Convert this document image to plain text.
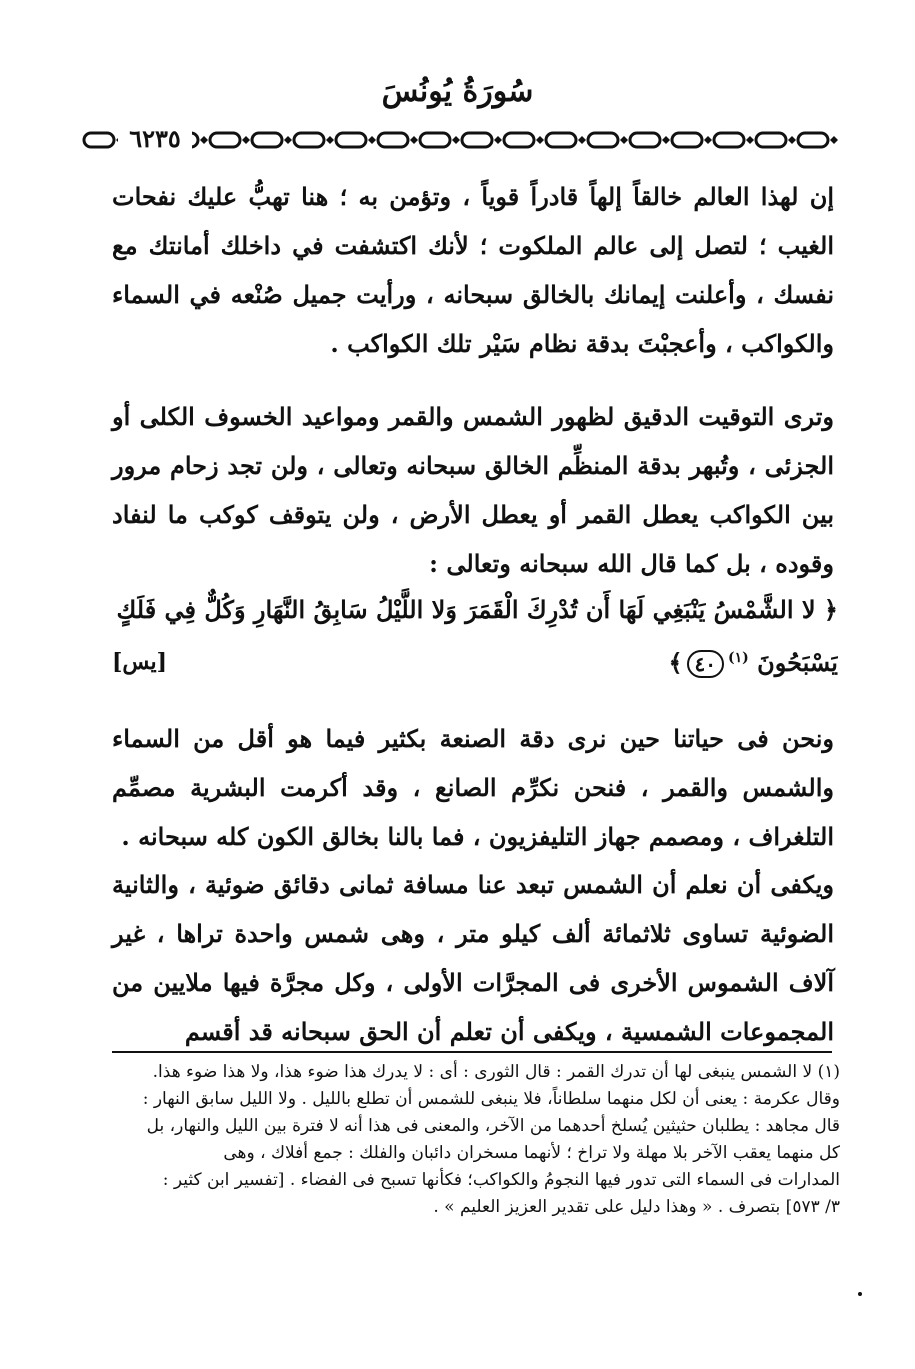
سُورَةُ يُونُسَ
٦٢٣٥
إن لهذا العالم خالقاً إلهاً قادراً قوياً ، وتؤمن به ؛ هنا تهبُّ عليك نفحات الغيب ؛ لتصل إلى عالم الملكوت ؛ لأنك اكتشفت في داخلك أمانتك مع نفسك ، وأعلنت إيمانك بالخالق سبحانه ، ورأيت جميل صُنْعه في السماء والكواكب ، وأعجبْتَ بدقة نظام سَيْر تلك الكواكب .
وترى التوقيت الدقيق لظهور الشمس والقمر ومواعيد الخسوف الكلى أو الجزئى ، وتُبهر بدقة المنظِّم الخالق سبحانه وتعالى ، ولن تجد زحام مرور بين الكواكب يعطل القمر أو يعطل الأرض ، ولن يتوقف كوكب ما لنفاد وقوده ، بل كما قال الله سبحانه وتعالى :
﴿ لا الشَّمْسُ يَنْبَغِي لَهَا أَن تُدْرِكَ الْقَمَرَ وَلا اللَّيْلُ سَابِقُ النَّهَارِ وَكُلٌّ فِي فَلَكٍ
يَسْبَحُونَ $^{(١)}$٤٠﴾
[يس]
ونحن فى حياتنا حين نرى دقة الصنعة بكثير فيما هو أقل من السماء والشمس والقمر ، فنحن نكرِّم الصانع ، وقد أكرمت البشرية مصمِّم التلغراف ، ومصمم جهاز التليفزيون ، فما بالنا بخالق الكون كله سبحانه .
ويكفى أن نعلم أن الشمس تبعد عنا مسافة ثمانى دقائق ضوئية ، والثانية الضوئية تساوى ثلاثمائة ألف كيلو متر ، وهى شمس واحدة تراها ، غير آلاف الشموس الأخرى فى المجرَّات الأولى ، وكل مجرَّة فيها ملايين من المجموعات الشمسية ، ويكفى أن تعلم أن الحق سبحانه قد أقسم

(١) لا الشمس ينبغى لها أن تدرك القمر : قال الثورى : أى : لا يدرك هذا ضوء هذا، ولا هذا ضوء هذا.

وقال عكرمة : يعنى أن لكل منهما سلطاناً، فلا ينبغى للشمس أن تطلع بالليل . ولا الليل سابق النهار :

قال مجاهد : يطلبان حثيثين يُسلخ أحدهما من الآخر، والمعنى فى هذا أنه لا فترة بين الليل والنهار، بل

كل منهما يعقب الآخر بلا مهلة ولا تراخ ؛ لأنهما مسخران دائبان والفلك : جمع أفلاك ، وهى

المدارات فى السماء التى تدور فيها النجومُ والكواكب؛ فكأنها تسبح فى الفضاء . [تفسير ابن كثير :

٣/ ٥٧٣] بتصرف . « وهذا دليل على تقدير العزيز العليم » .
